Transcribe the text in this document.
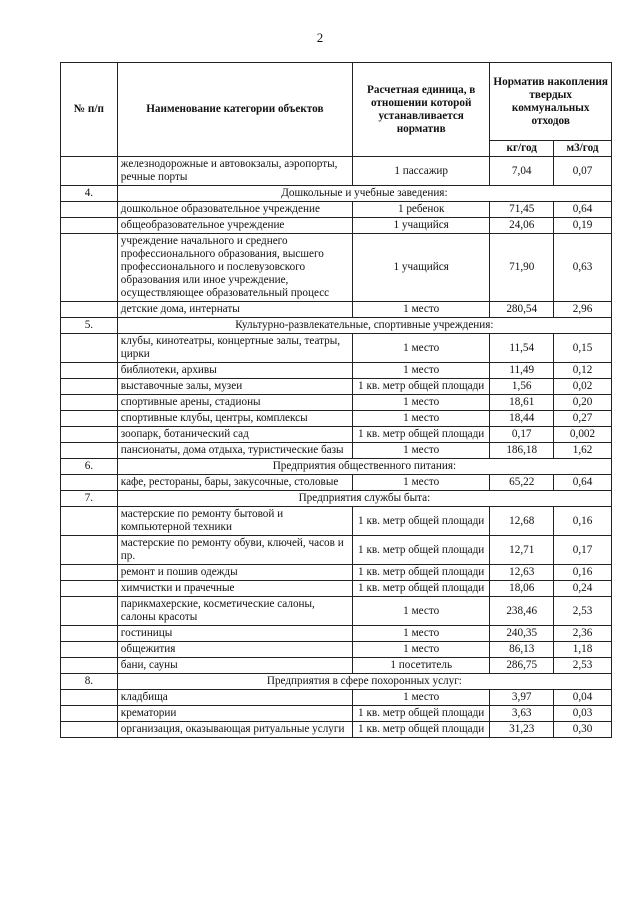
2
№ п/п	Наименование категории объектов	Расчетная единица, в отношении которой устанавливается норматив	Норматив накопления твердых коммунальных отходов	
			кг/год	м3/год
	железнодорожные и автовокзалы, аэропорты, речные порты	1 пассажир	7,04	0,07
4.	Дошкольные и учебные заведения:			
	дошкольное образовательное учреждение	1 ребенок	71,45	0,64
	общеобразовательное учреждение	1 учащийся	24,06	0,19
	учреждение начального и среднего профессионального образования, высшего профессионального и послевузовского образования или иное учреждение, осуществляющее образовательный процесс	1 учащийся	71,90	0,63
	детские дома, интернаты	1 место	280,54	2,96
5.	Культурно-развлекательные, спортивные учреждения:			
	клубы, кинотеатры, концертные залы, театры, цирки	1 место	11,54	0,15
	библиотеки, архивы	1 место	11,49	0,12
	выставочные залы, музеи	1 кв. метр общей площади	1,56	0,02
	спортивные арены, стадионы	1 место	18,61	0,20
	спортивные клубы, центры, комплексы	1 место	18,44	0,27
	зоопарк, ботанический сад	1 кв. метр общей площади	0,17	0,002
	пансионаты, дома отдыха, туристические базы	1 место	186,18	1,62
6.	Предприятия общественного питания:			
	кафе, рестораны, бары, закусочные, столовые	1 место	65,22	0,64
7.	Предприятия службы быта:			
	мастерские по ремонту бытовой и компьютерной техники	1 кв. метр общей площади	12,68	0,16
	мастерские по ремонту обуви, ключей, часов и пр.	1 кв. метр общей площади	12,71	0,17
	ремонт и пошив одежды	1 кв. метр общей площади	12,63	0,16
	химчистки и прачечные	1 кв. метр общей площади	18,06	0,24
	парикмахерские, косметические салоны, салоны красоты	1 место	238,46	2,53
	гостиницы	1 место	240,35	2,36
	общежития	1 место	86,13	1,18
	бани, сауны	1 посетитель	286,75	2,53
8.	Предприятия в сфере похоронных услуг:			
	кладбища	1 место	3,97	0,04
	крематории	1 кв. метр общей площади	3,63	0,03
	организация, оказывающая ритуальные услуги	1 кв. метр общей площади	31,23	0,30
